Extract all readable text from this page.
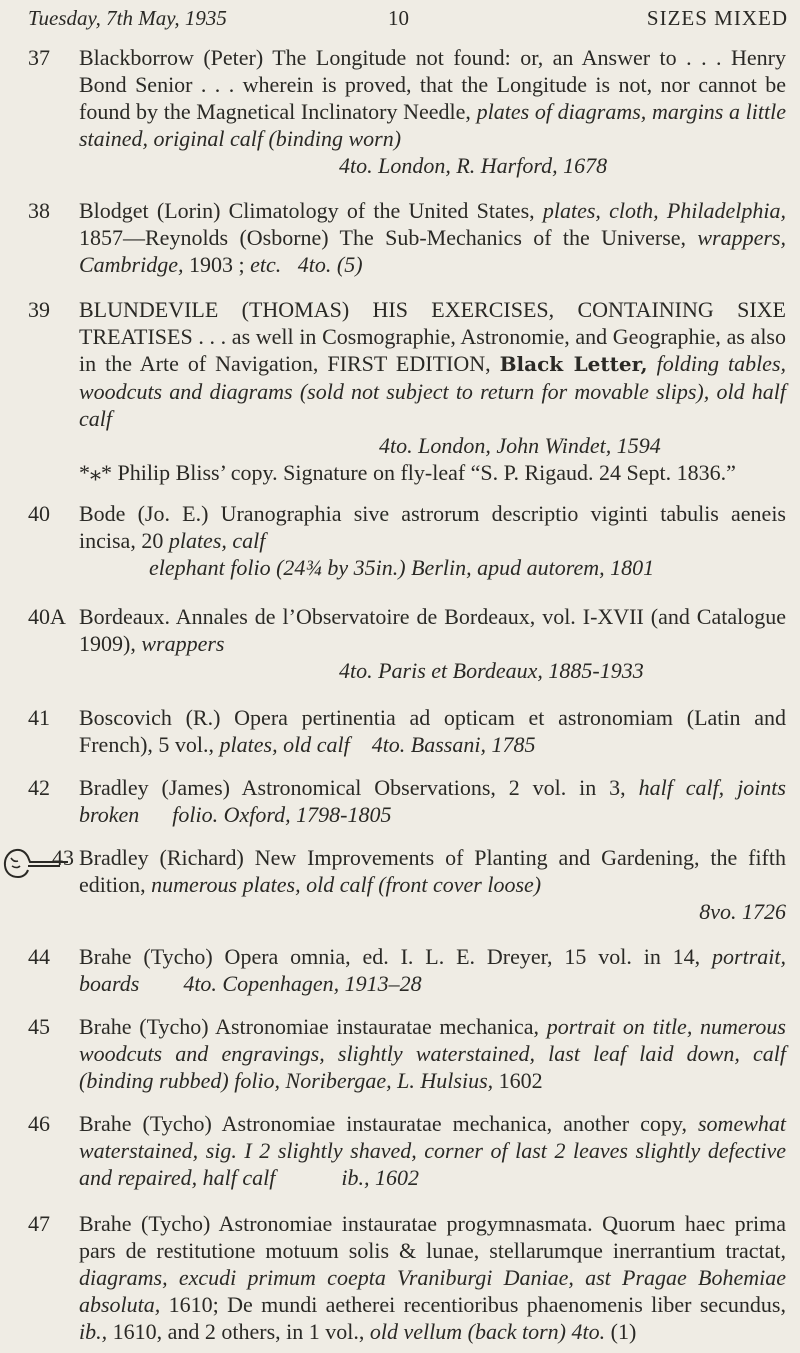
Tuesday, 7th May, 1935	10	SIZES MIXED
37 Blackborrow (Peter) The Longitude not found: or, an Answer to . . . Henry Bond Senior . . . wherein is proved, that the Longitude is not, nor cannot be found by the Magnetical Inclinatory Needle, plates of diagrams, margins a little stained, original calf (binding worn)
4to. London, R. Harford, 1678
38 Blodget (Lorin) Climatology of the United States, plates, cloth, Philadelphia, 1857—Reynolds (Osborne) The Sub-Mechanics of the Universe, wrappers, Cambridge, 1903 ; etc. 4to. (5)
39 BLUNDEVILE (THOMAS) HIS EXERCISES, CONTAINING SIXE TREATISES . . . as well in Cosmographie, Astronomie, and Geographie, as also in the Arte of Navigation, FIRST EDITION, Black Letter, folding tables, woodcuts and diagrams (sold not subject to return for movable slips), old half calf
4to. London, John Windet, 1594
*⁎* Philip Bliss’ copy. Signature on fly-leaf “S. P. Rigaud. 24 Sept. 1836.”
40 Bode (Jo. E.) Uranographia sive astrorum descriptio viginti tabulis aeneis incisa, 20 plates, calf
elephant folio (24¾ by 35in.) Berlin, apud autorem, 1801
40A Bordeaux. Annales de l’Observatoire de Bordeaux, vol. I-XVII (and Catalogue 1909), wrappers
4to. Paris et Bordeaux, 1885-1933
41 Boscovich (R.) Opera pertinentia ad opticam et astronomiam (Latin and French), 5 vol., plates, old calf 4to. Bassani, 1785
42 Bradley (James) Astronomical Observations, 2 vol. in 3, half calf, joints broken folio. Oxford, 1798-1805
43 Bradley (Richard) New Improvements of Planting and Gardening, the fifth edition, numerous plates, old calf (front cover loose)
8vo. 1726
44 Brahe (Tycho) Opera omnia, ed. I. L. E. Dreyer, 15 vol. in 14, portrait, boards 4to. Copenhagen, 1913–28
45 Brahe (Tycho) Astronomiae instauratae mechanica, portrait on title, numerous woodcuts and engravings, slightly waterstained, last leaf laid down, calf (binding rubbed) folio, Noribergae, L. Hulsius, 1602
46 Brahe (Tycho) Astronomiae instauratae mechanica, another copy, somewhat waterstained, sig. I 2 slightly shaved, corner of last 2 leaves slightly defective and repaired, half calf	ib., 1602
47 Brahe (Tycho) Astronomiae instauratae progymnasmata. Quorum haec prima pars de restitutione motuum solis & lunae, stellarumque inerrantium tractat, diagrams, excudi primum coepta Vraniburgi Daniae, ast Pragae Bohemiae absoluta, 1610; De mundi aetherei recentioribus phaenomenis liber secundus, ib., 1610, and 2 others, in 1 vol., old vellum (back torn) 4to. (1)
